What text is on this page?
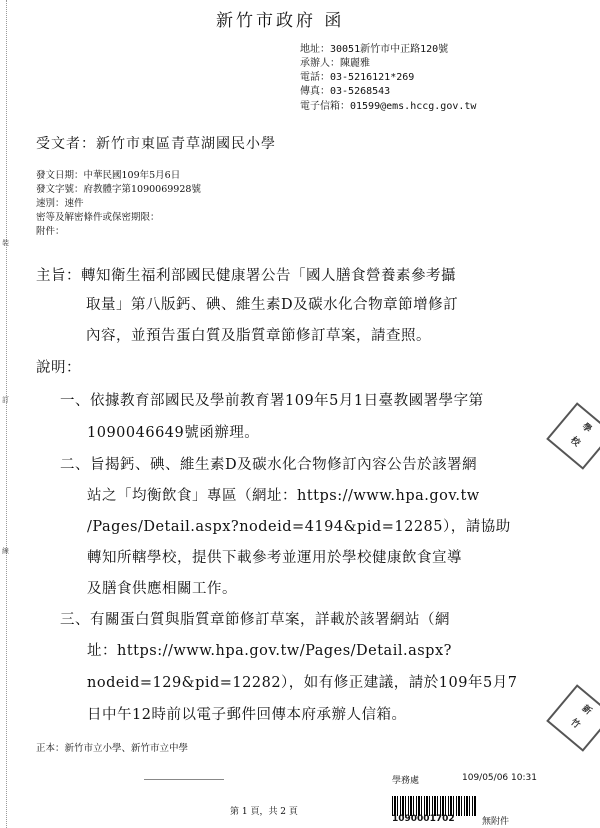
裝
訂
線
新竹市政府 函
地址：30051新竹市中正路120號
承辦人：陳麗雅
電話：03-5216121*269
傳真：03-5268543
電子信箱：01599@ems.hccg.gov.tw
受文者：新竹市東區青草湖國民小學
發文日期：中華民國109年5月6日
發文字號：府教體字第1090069928號
速別：速件
密等及解密條件或保密期限：
附件：
主旨：轉知衛生福利部國民健康署公告「國人膳食營養素參考攝
取量」第八版鈣、碘、維生素D及碳水化合物章節增修訂
內容，並預告蛋白質及脂質章節修訂草案，請查照。
說明：
一、依據教育部國民及學前教育署109年5月1日臺教國署學字第
1090046649號函辦理。
二、旨揭鈣、碘、維生素D及碳水化合物修訂內容公告於該署網
站之「均衡飲食」專區（網址：https://www.hpa.gov.tw
/Pages/Detail.aspx?nodeid=4194&pid=12285），請協助
轉知所轄學校，提供下載參考並運用於學校健康飲食宣導
及膳食供應相關工作。
三、有關蛋白質與脂質章節修訂草案，詳載於該署網站（網
址：https://www.hpa.gov.tw/Pages/Detail.aspx?
nodeid=129&pid=12282），如有修正建議，請於109年5月7
日中午12時前以電子郵件回傳本府承辦人信箱。
學
校
新
竹
正本：新竹市立小學、新竹市立中學
學務處	109/05/06 10:31
第 1 頁，共 2 頁
1090001702	無附件
